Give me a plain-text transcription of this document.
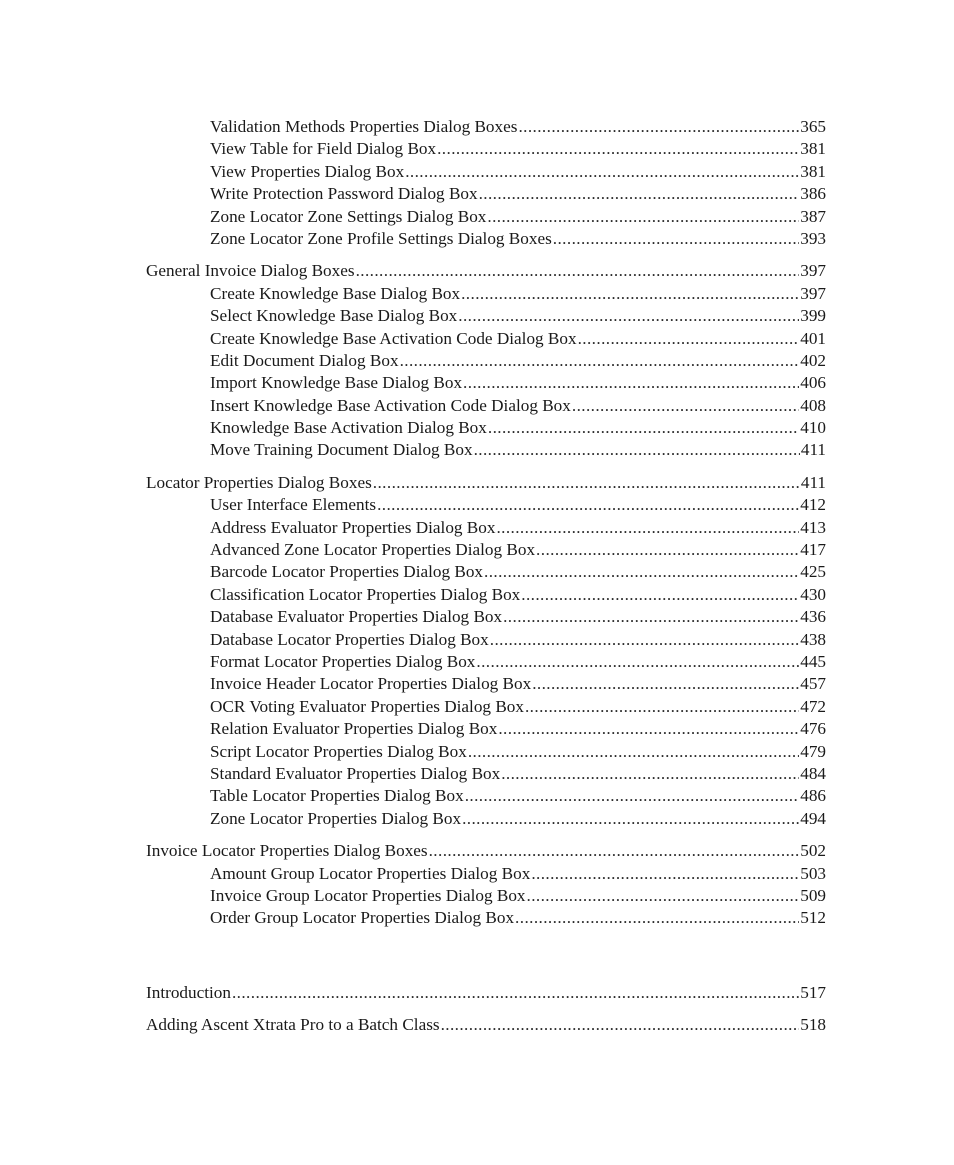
Validation Methods Properties Dialog Boxes .....	365
View Table for Field Dialog Box .....	381
View Properties Dialog Box .....	381
Write Protection Password Dialog Box .....	386
Zone Locator Zone Settings Dialog Box .....	387
Zone Locator Zone Profile Settings Dialog Boxes .....	393
General Invoice Dialog Boxes .....	397
Create Knowledge Base Dialog Box .....	397
Select Knowledge Base Dialog Box .....	399
Create Knowledge Base Activation Code Dialog Box .....	401
Edit Document Dialog Box .....	402
Import Knowledge Base Dialog Box .....	406
Insert Knowledge Base Activation Code Dialog Box .....	408
Knowledge Base Activation Dialog Box .....	410
Move Training Document Dialog Box .....	411
Locator Properties Dialog Boxes .....	411
User Interface Elements .....	412
Address Evaluator Properties Dialog Box .....	413
Advanced Zone Locator Properties Dialog Box .....	417
Barcode Locator Properties Dialog Box .....	425
Classification Locator Properties Dialog Box .....	430
Database Evaluator Properties Dialog Box .....	436
Database Locator Properties Dialog Box .....	438
Format Locator Properties Dialog Box .....	445
Invoice Header Locator Properties Dialog Box .....	457
OCR Voting Evaluator Properties Dialog Box .....	472
Relation Evaluator Properties Dialog Box .....	476
Script Locator Properties Dialog Box .....	479
Standard Evaluator Properties Dialog Box .....	484
Table Locator Properties Dialog Box .....	486
Zone Locator Properties Dialog Box .....	494
Invoice Locator Properties Dialog Boxes .....	502
Amount Group Locator Properties Dialog Box .....	503
Invoice Group Locator Properties Dialog Box .....	509
Order Group Locator Properties Dialog Box .....	512
Introduction .....	517
Adding Ascent Xtrata Pro to a Batch Class .....	518
